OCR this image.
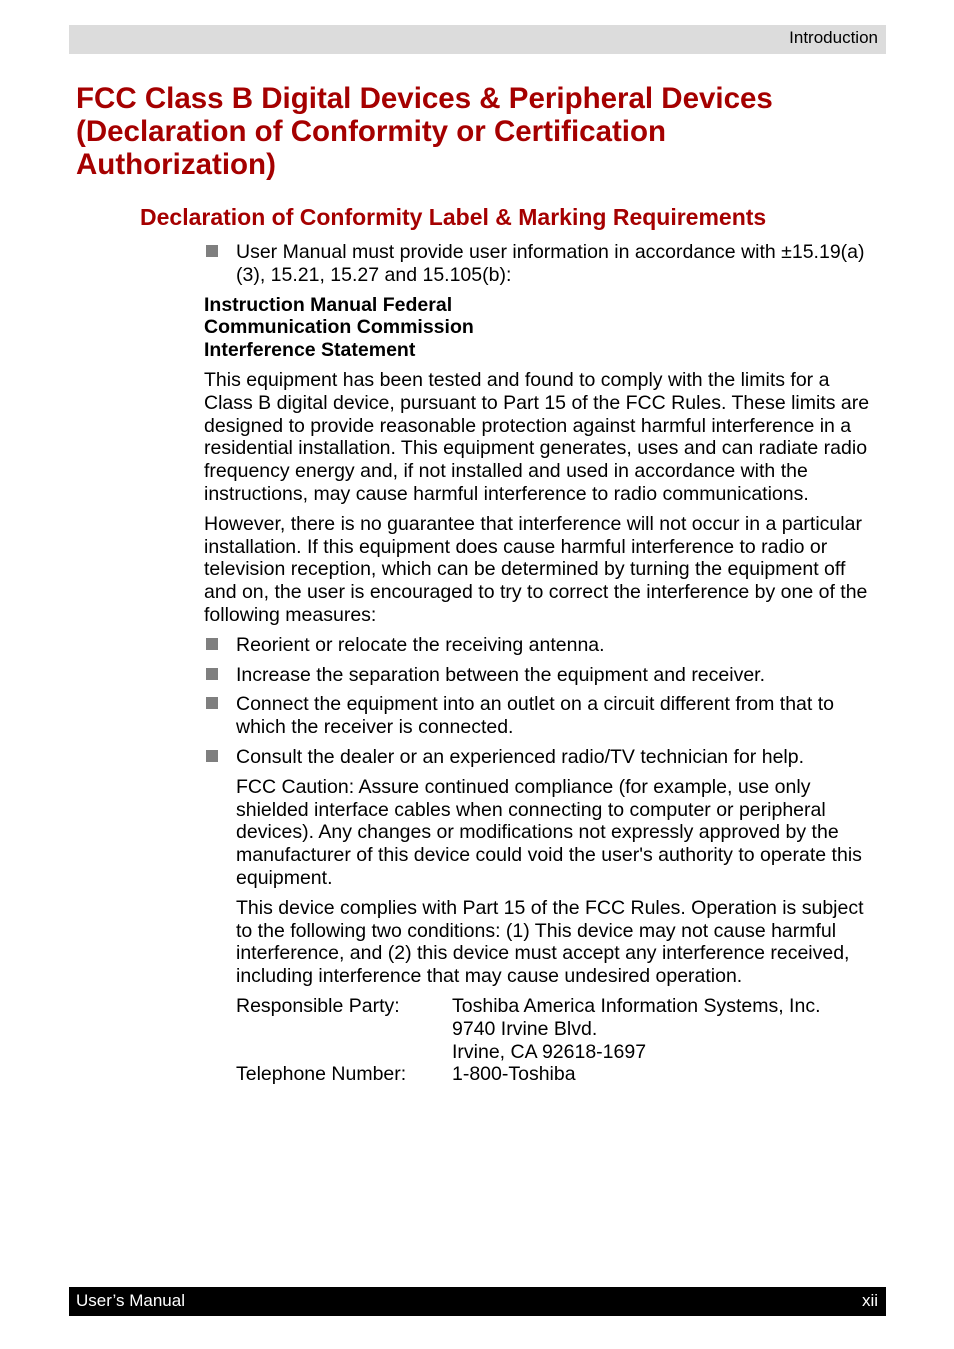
Introduction
FCC Class B Digital Devices & Peripheral Devices (Declaration of Conformity or Certification Authorization)
Declaration of Conformity Label & Marking Requirements
User Manual must provide user information in accordance with ±15.19(a)(3), 15.21, 15.27 and 15.105(b):
Instruction Manual Federal
Communication Commission
Interference Statement

This equipment has been tested and found to comply with the limits for a Class B digital device, pursuant to Part 15 of the FCC Rules. These limits are designed to provide reasonable protection against harmful interference in a residential installation. This equipment generates, uses and can radiate radio frequency energy and, if not installed and used in accordance with the instructions, may cause harmful interference to radio communications.

However, there is no guarantee that interference will not occur in a particular installation. If this equipment does cause harmful interference to radio or television reception, which can be determined by turning the equipment off and on, the user is encouraged to try to correct the interference by one of the following measures:

Reorient or relocate the receiving antenna.
Increase the separation between the equipment and receiver.
Connect the equipment into an outlet on a circuit different from that to which the receiver is connected.
Consult the dealer or an experienced radio/TV technician for help.

FCC Caution: Assure continued compliance (for example, use only shielded interface cables when connecting to computer or peripheral devices). Any changes or modifications not expressly approved by the manufacturer of this device could void the user's authority to operate this equipment.

This device complies with Part 15 of the FCC Rules. Operation is subject to the following two conditions: (1) This device may not cause harmful interference, and (2) this device must accept any interference received, including interference that may cause undesired operation.

Responsible Party:	Toshiba America Information Systems, Inc.
9740 Irvine Blvd.
Irvine, CA 92618-1697
Telephone Number:	1-800-Toshiba
User’s Manual	xii
